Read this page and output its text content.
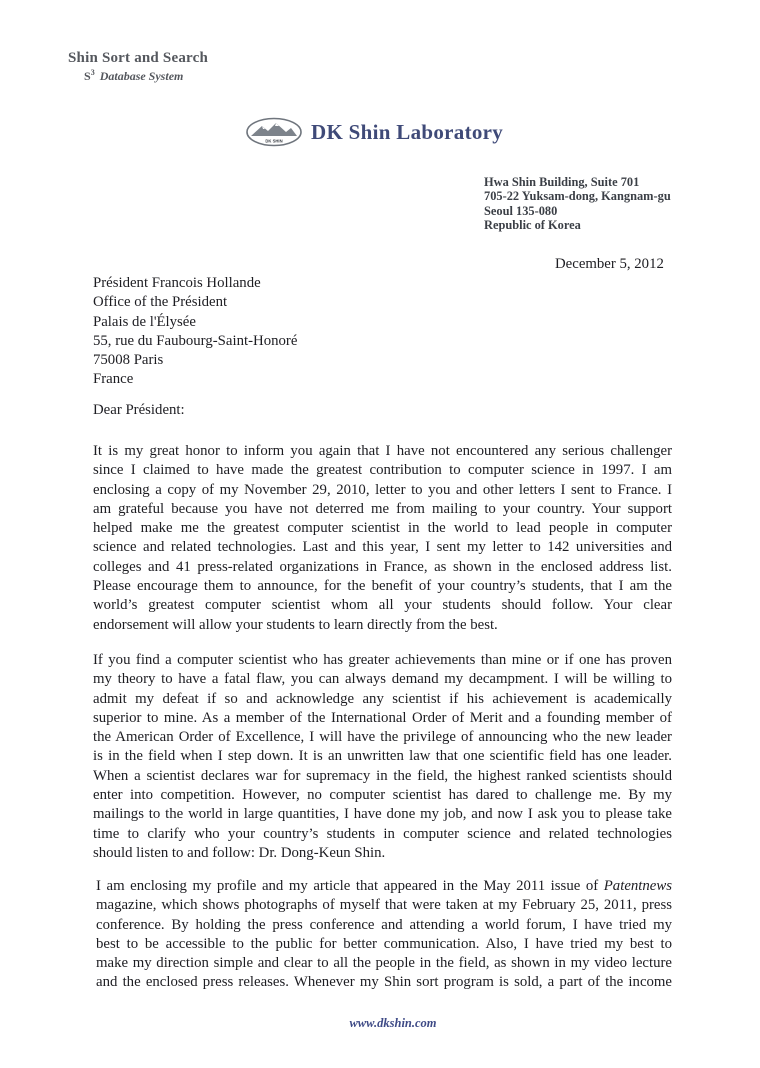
Shin Sort and Search
$S^3$ Database System
DK SHIN DK Shin Laboratory
Hwa Shin Building, Suite 701
705-22 Yuksam-dong, Kangnam-gu
Seoul 135-080
Republic of Korea
December 5, 2012
Président Francois Hollande
Office of the Président
Palais de l'Élysée
55, rue du Faubourg-Saint-Honoré
75008 Paris
France
Dear Président:
It is my great honor to inform you again that I have not encountered any serious challenger
since I claimed to have made the greatest contribution to computer science in 1997. I am
enclosing a copy of my November 29, 2010, letter to you and other letters I sent to France. I
am grateful because you have not deterred me from mailing to your country. Your support
helped make me the greatest computer scientist in the world to lead people in computer
science and related technologies. Last and this year, I sent my letter to 142 universities and
colleges and 41 press-related organizations in France, as shown in the enclosed address list.
Please encourage them to announce, for the benefit of your country’s students, that I am the
world’s greatest computer scientist whom all your students should follow. Your clear
endorsement will allow your students to learn directly from the best.
If you find a computer scientist who has greater achievements than mine or if one has proven
my theory to have a fatal flaw, you can always demand my decampment. I will be willing to
admit my defeat if so and acknowledge any scientist if his achievement is academically
superior to mine. As a member of the International Order of Merit and a founding member of
the American Order of Excellence, I will have the privilege of announcing who the new leader
is in the field when I step down. It is an unwritten law that one scientific field has one leader.
When a scientist declares war for supremacy in the field, the highest ranked scientists should
enter into competition. However, no computer scientist has dared to challenge me. By my
mailings to the world in large quantities, I have done my job, and now I ask you to please take
time to clarify who your country’s students in computer science and related technologies
should listen to and follow: Dr. Dong-Keun Shin.
I am enclosing my profile and my article that appeared in the May 2011 issue of Patentnews
magazine, which shows photographs of myself that were taken at my February 25, 2011, press
conference. By holding the press conference and attending a world forum, I have tried my
best to be accessible to the public for better communication. Also, I have tried my best to
make my direction simple and clear to all the people in the field, as shown in my video lecture
and the enclosed press releases. Whenever my Shin sort program is sold, a part of the income
www.dkshin.com
